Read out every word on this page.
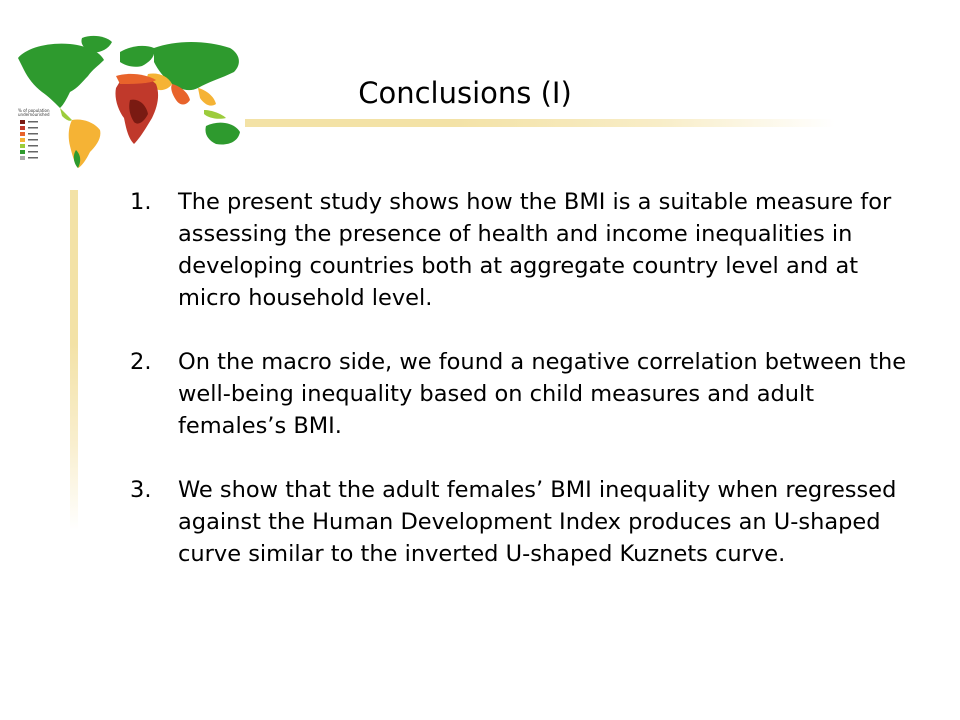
% of population
undernourished
Conclusions (I)
1.	The present study shows how the BMI is a suitable measure for assessing the presence of health and income inequalities in developing countries both at aggregate country level and at micro household level.
2.	On the macro side, we found a negative correlation between the well-being inequality based on child measures and adult females’s BMI.
3.	We show that the adult females’ BMI inequality when regressed against the Human Development Index produces an U-shaped curve similar to the inverted U-shaped Kuznets curve.
